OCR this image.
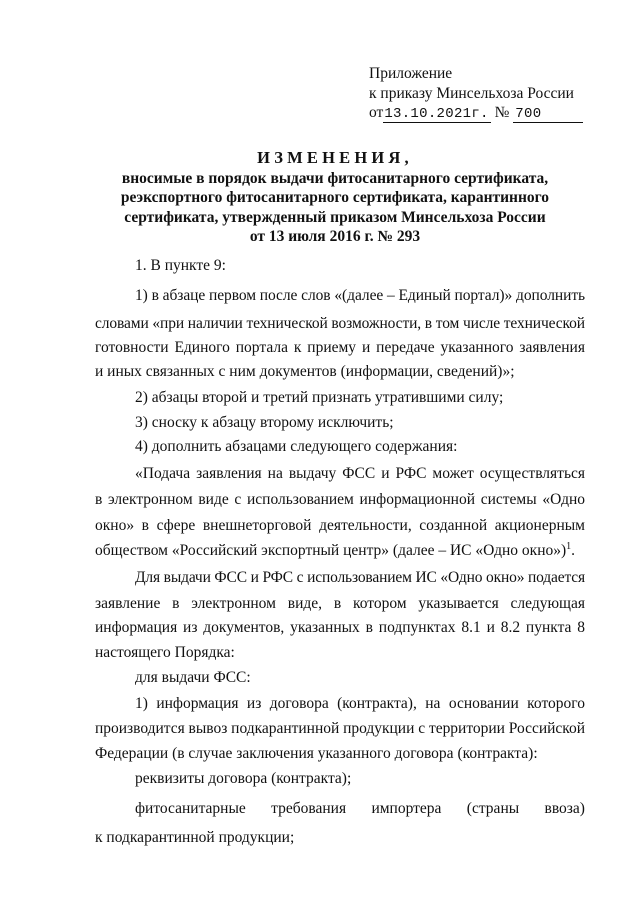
Приложение
к приказу Минсельхоза России
от13.10.2021г. № 700
ИЗМЕНЕНИЯ,
вносимые в порядок выдачи фитосанитарного сертификата,
реэкспортного фитосанитарного сертификата, карантинного
сертификата, утвержденный приказом Минсельхоза России
от 13 июля 2016 г. № 293
1. В пункте 9:
1) в абзаце первом после слов «(далее – Единый портал)» дополнить
словами «при наличии технической возможности, в том числе технической
готовности Единого портала к приему и передаче указанного заявления
и иных связанных с ним документов (информации, сведений)»;
2) абзацы второй и третий признать утратившими силу;
3) сноску к абзацу второму исключить;
4) дополнить абзацами следующего содержания:
«Подача заявления на выдачу ФСС и РФС может осуществляться
в электронном виде с использованием информационной системы «Одно
окно» в сфере внешнеторговой деятельности, созданной акционерным
обществом «Российский экспортный центр» (далее – ИС «Одно окно»)$^1$.
Для выдачи ФСС и РФС с использованием ИС «Одно окно» подается
заявление в электронном виде, в котором указывается следующая
информация из документов, указанных в подпунктах 8.1 и 8.2 пункта 8
настоящего Порядка:
для выдачи ФСС:
1) информация из договора (контракта), на основании которого
производится вывоз подкарантинной продукции с территории Российской
Федерации (в случае заключения указанного договора (контракта):
реквизиты договора (контракта);
фитосанитарные требования импортера (страны ввоза)
к подкарантинной продукции;
